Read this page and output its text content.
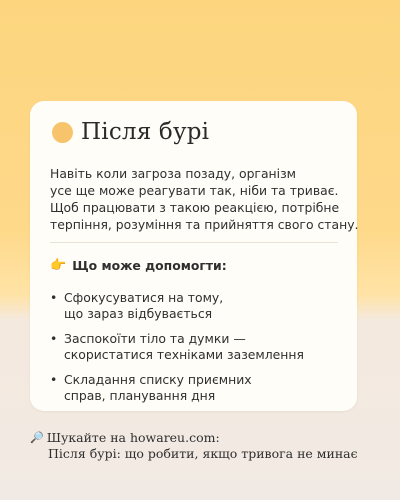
Після бурі
Навіть коли загроза позаду, організм
усе ще може реагувати так, ніби та триває.
Щоб працювати з такою реакцією, потрібне
терпіння, розуміння та прийняття свого стану.
👉 Що може допомогти:
• Сфокусуватися на тому,
що зараз відбувається
• Заспокоїти тіло та думки —
скористатися техніками заземлення
• Складання списку приємних
справ, планування дня
🔎 Шукайте на howareu.com:
Після бурі: що робити, якщо тривога не минає
